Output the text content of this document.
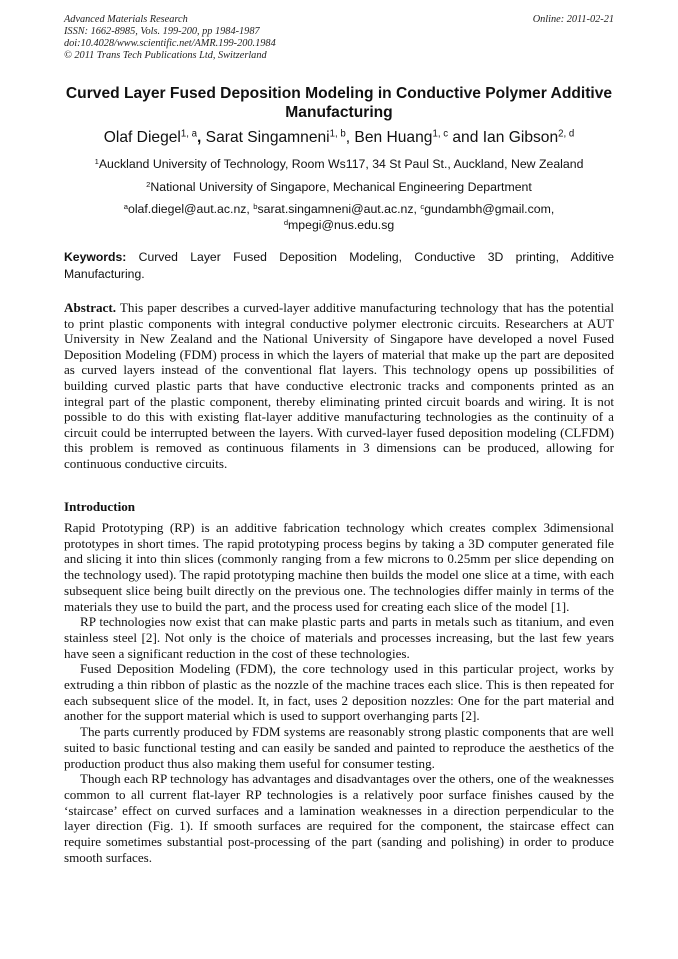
Advanced Materials Research
ISSN: 1662-8985, Vols. 199-200, pp 1984-1987
doi:10.4028/www.scientific.net/AMR.199-200.1984
© 2011 Trans Tech Publications Ltd, Switzerland
Online: 2011-02-21
Curved Layer Fused Deposition Modeling in Conductive Polymer Additive Manufacturing
Olaf Diegel$^{1, a}$, Sarat Singamneni$^{1, b}$, Ben Huang$^{1, c}$ and Ian Gibson$^{2, d}$
$^1$Auckland University of Technology, Room Ws117, 34 St Paul St., Auckland, New Zealand
$^2$National University of Singapore, Mechanical Engineering Department
$^a$olaf.diegel@aut.ac.nz, $^b$sarat.singamneni@aut.ac.nz, $^c$gundambh@gmail.com,
$^d$mpegi@nus.edu.sg
Keywords: Curved Layer Fused Deposition Modeling, Conductive 3D printing, Additive Manufacturing.
Abstract. This paper describes a curved-layer additive manufacturing technology that has the potential to print plastic components with integral conductive polymer electronic circuits. Researchers at AUT University in New Zealand and the National University of Singapore have developed a novel Fused Deposition Modeling (FDM) process in which the layers of material that make up the part are deposited as curved layers instead of the conventional flat layers. This technology opens up possibilities of building curved plastic parts that have conductive electronic tracks and components printed as an integral part of the plastic component, thereby eliminating printed circuit boards and wiring. It is not possible to do this with existing flat-layer additive manufacturing technologies as the continuity of a circuit could be interrupted between the layers. With curved-layer fused deposition modeling (CLFDM) this problem is removed as continuous filaments in 3 dimensions can be produced, allowing for continuous conductive circuits.
Introduction

Rapid Prototyping (RP) is an additive fabrication technology which creates complex 3dimensional prototypes in short times. The rapid prototyping process begins by taking a 3D computer generated file and slicing it into thin slices (commonly ranging from a few microns to 0.25mm per slice depending on the technology used). The rapid prototyping machine then builds the model one slice at a time, with each subsequent slice being built directly on the previous one. The technologies differ mainly in terms of the materials they use to build the part, and the process used for creating each slice of the model [1].

RP technologies now exist that can make plastic parts and parts in metals such as titanium, and even stainless steel [2]. Not only is the choice of materials and processes increasing, but the last few years have seen a significant reduction in the cost of these technologies.

Fused Deposition Modeling (FDM), the core technology used in this particular project, works by extruding a thin ribbon of plastic as the nozzle of the machine traces each slice. This is then repeated for each subsequent slice of the model. It, in fact, uses 2 deposition nozzles: One for the part material and another for the support material which is used to support overhanging parts [2].

The parts currently produced by FDM systems are reasonably strong plastic components that are well suited to basic functional testing and can easily be sanded and painted to reproduce the aesthetics of the production product thus also making them useful for consumer testing.

Though each RP technology has advantages and disadvantages over the others, one of the weaknesses common to all current flat-layer RP technologies is a relatively poor surface finishes caused by the ‘staircase’ effect on curved surfaces and a lamination weaknesses in a direction perpendicular to the layer direction (Fig. 1). If smooth surfaces are required for the component, the staircase effect can require sometimes substantial post-processing of the part (sanding and polishing) in order to produce smooth surfaces.
